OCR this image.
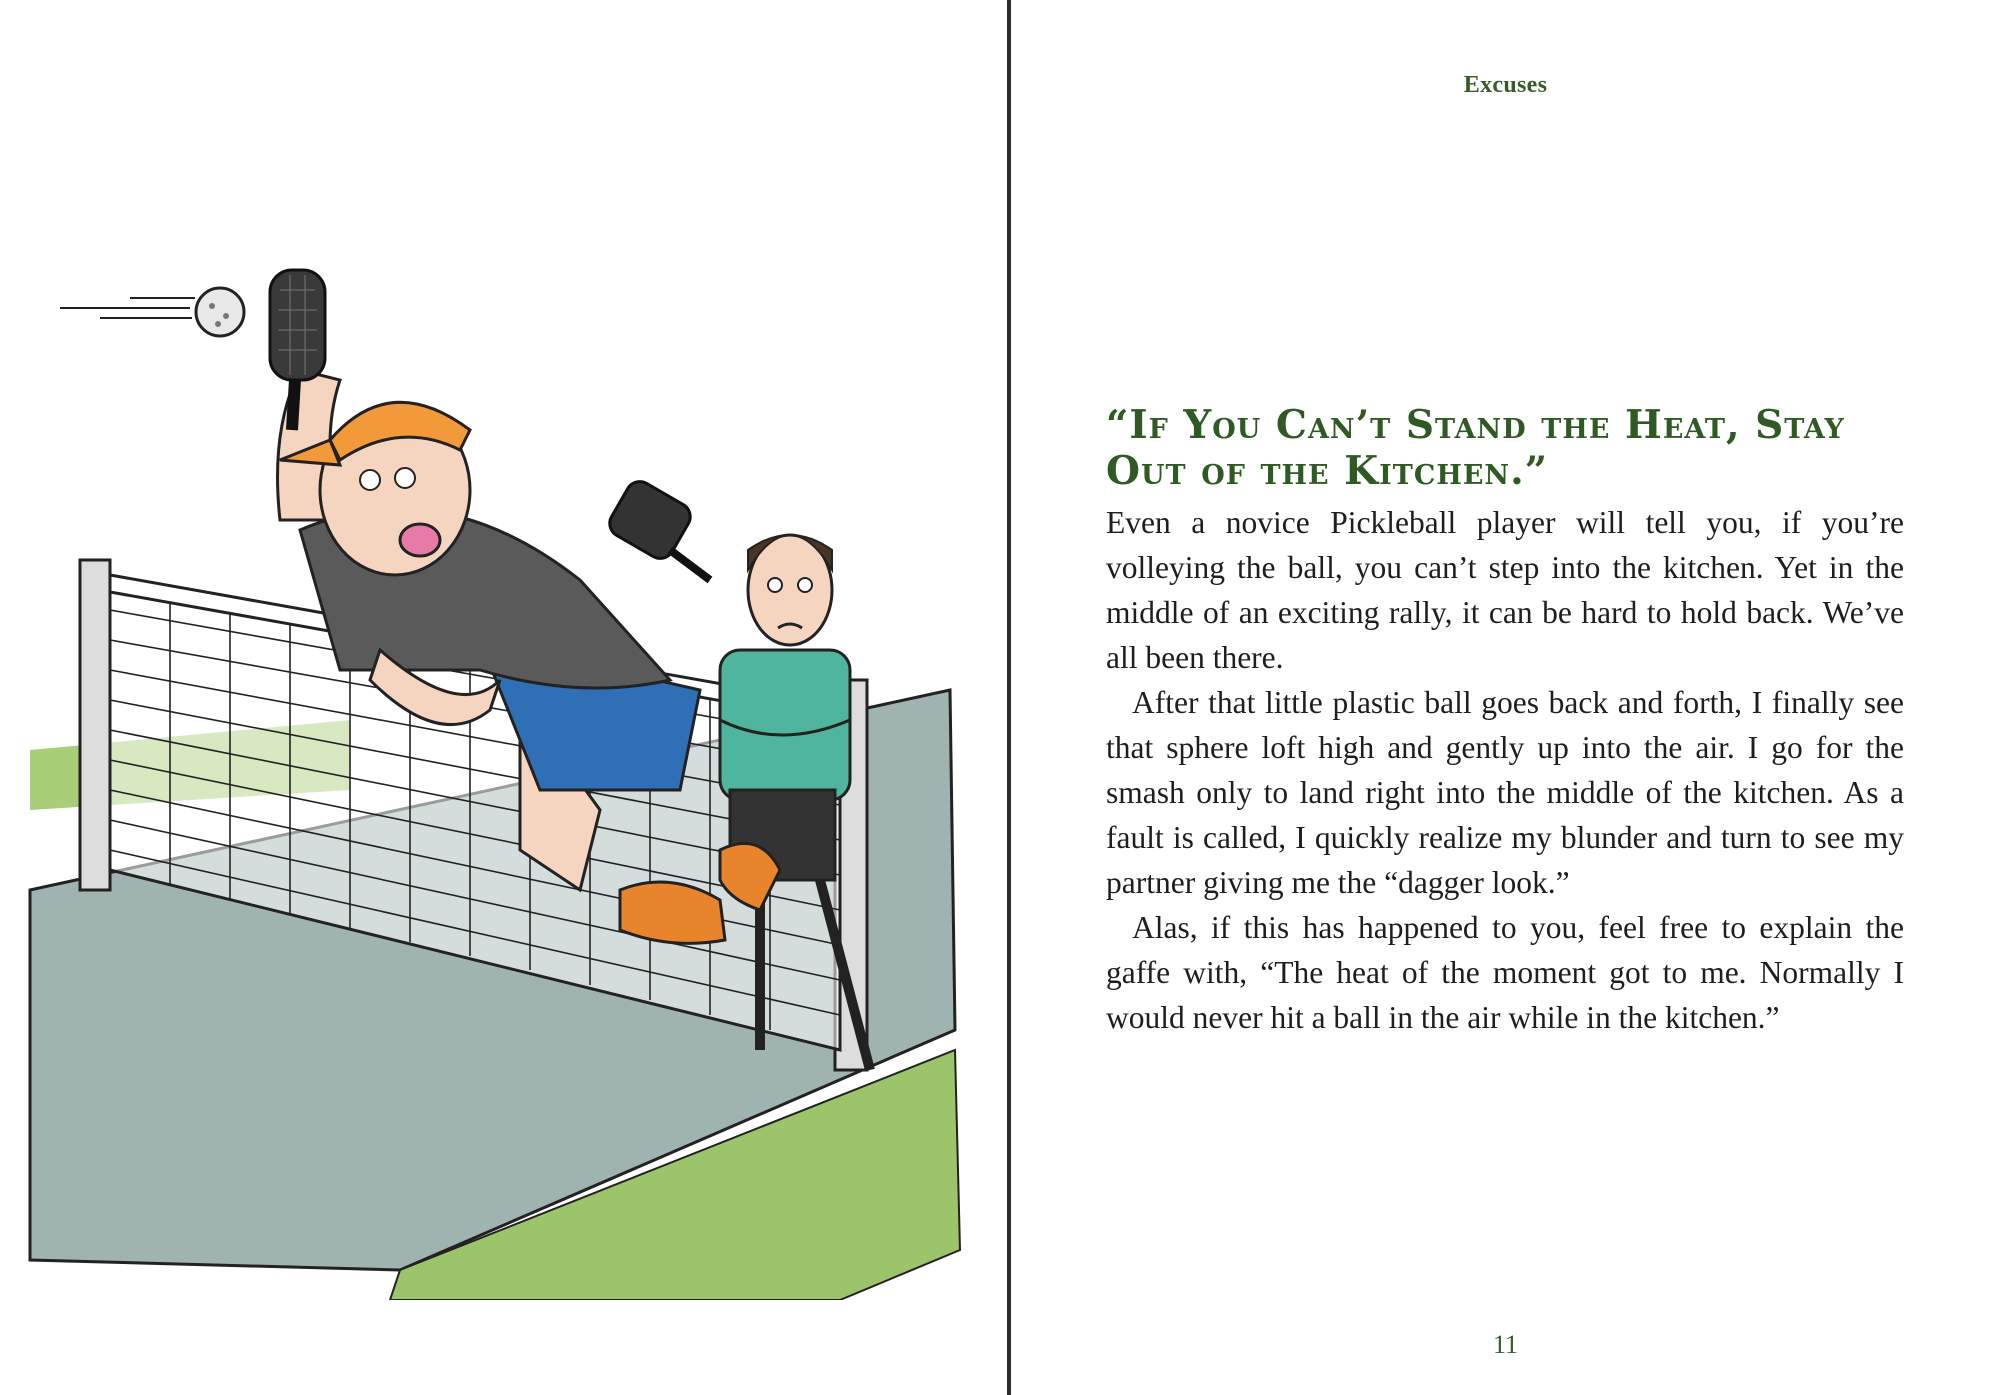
Excuses
“If You Can’t Stand the Heat, Stay Out of the Kitchen.”

Even a novice Pickleball player will tell you, if you’re volleying the ball, you can’t step into the kitchen. Yet in the middle of an exciting rally, it can be hard to hold back. We’ve all been there.

After that little plastic ball goes back and forth, I finally see that sphere loft high and gently up into the air. I go for the smash only to land right into the middle of the kitchen. As a fault is called, I quickly realize my blunder and turn to see my partner giving me the “dagger look.”

Alas, if this has happened to you, feel free to explain the gaffe with, “The heat of the moment got to me. Normally I would never hit a ball in the air while in the kitchen.”

11
